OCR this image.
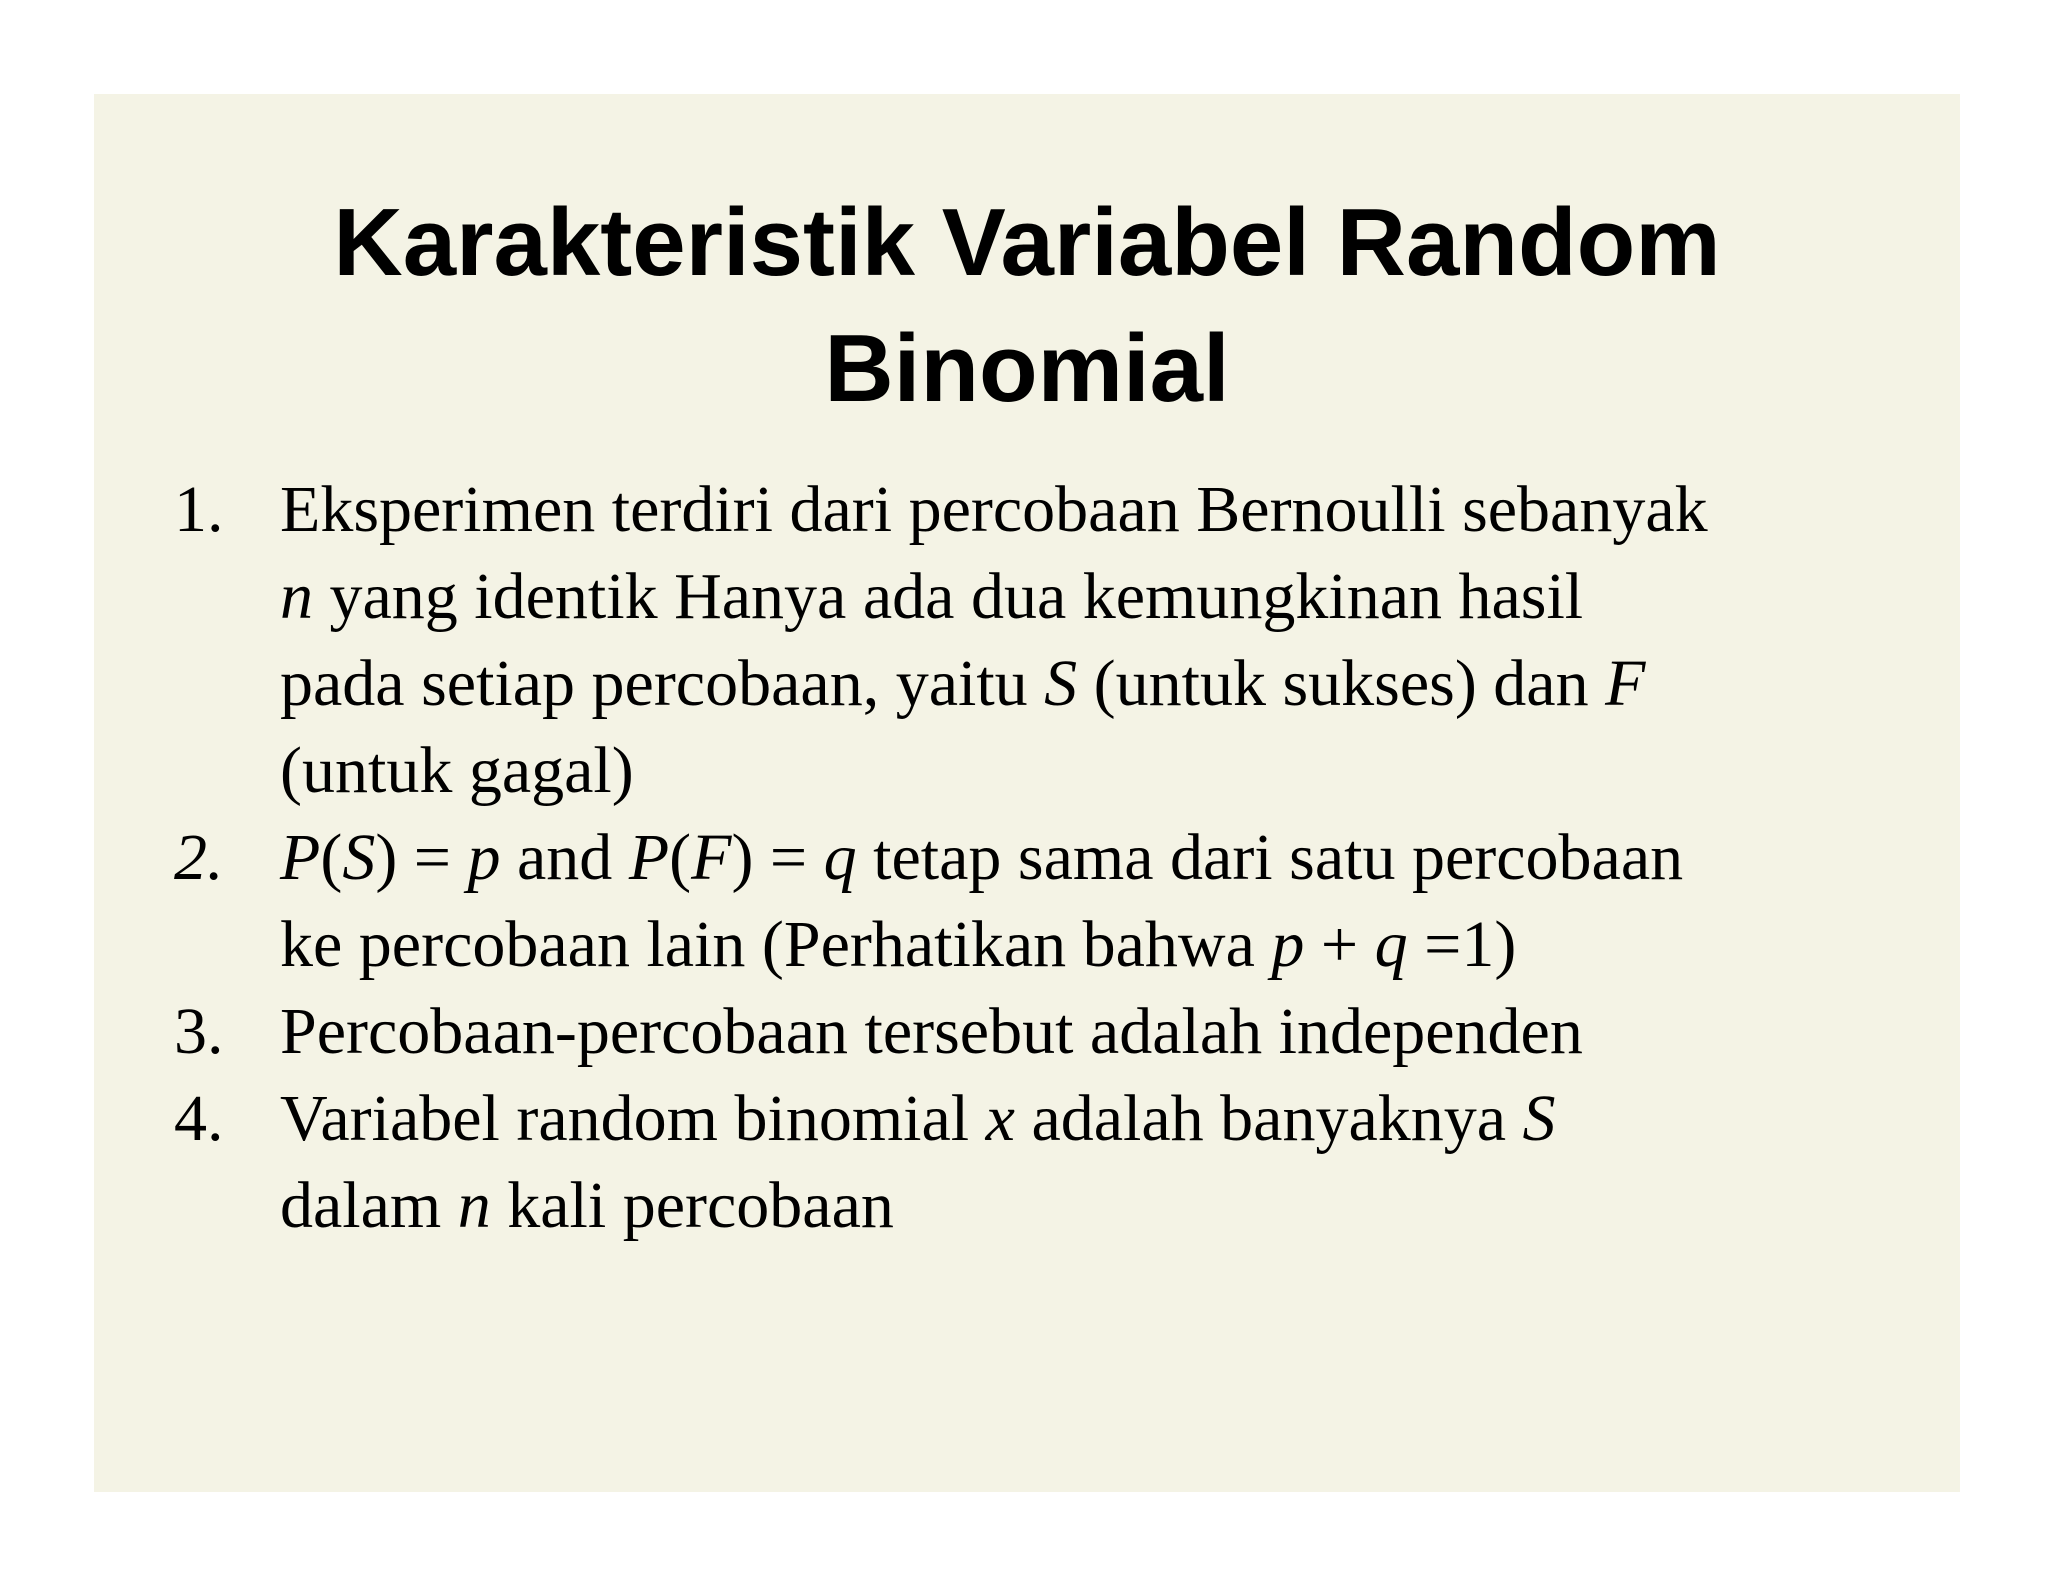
Karakteristik Variabel Random
Binomial
1. Eksperimen terdiri dari percobaan Bernoulli sebanyak
n yang identik Hanya ada dua kemungkinan hasil
pada setiap percobaan, yaitu S (untuk sukses) dan F
(untuk gagal)
2. P(S) = p and P(F) = q tetap sama dari satu percobaan
ke percobaan lain (Perhatikan bahwa p + q =1)
3. Percobaan-percobaan tersebut adalah independen
4. Variabel random binomial x adalah banyaknya S
dalam n kali percobaan
